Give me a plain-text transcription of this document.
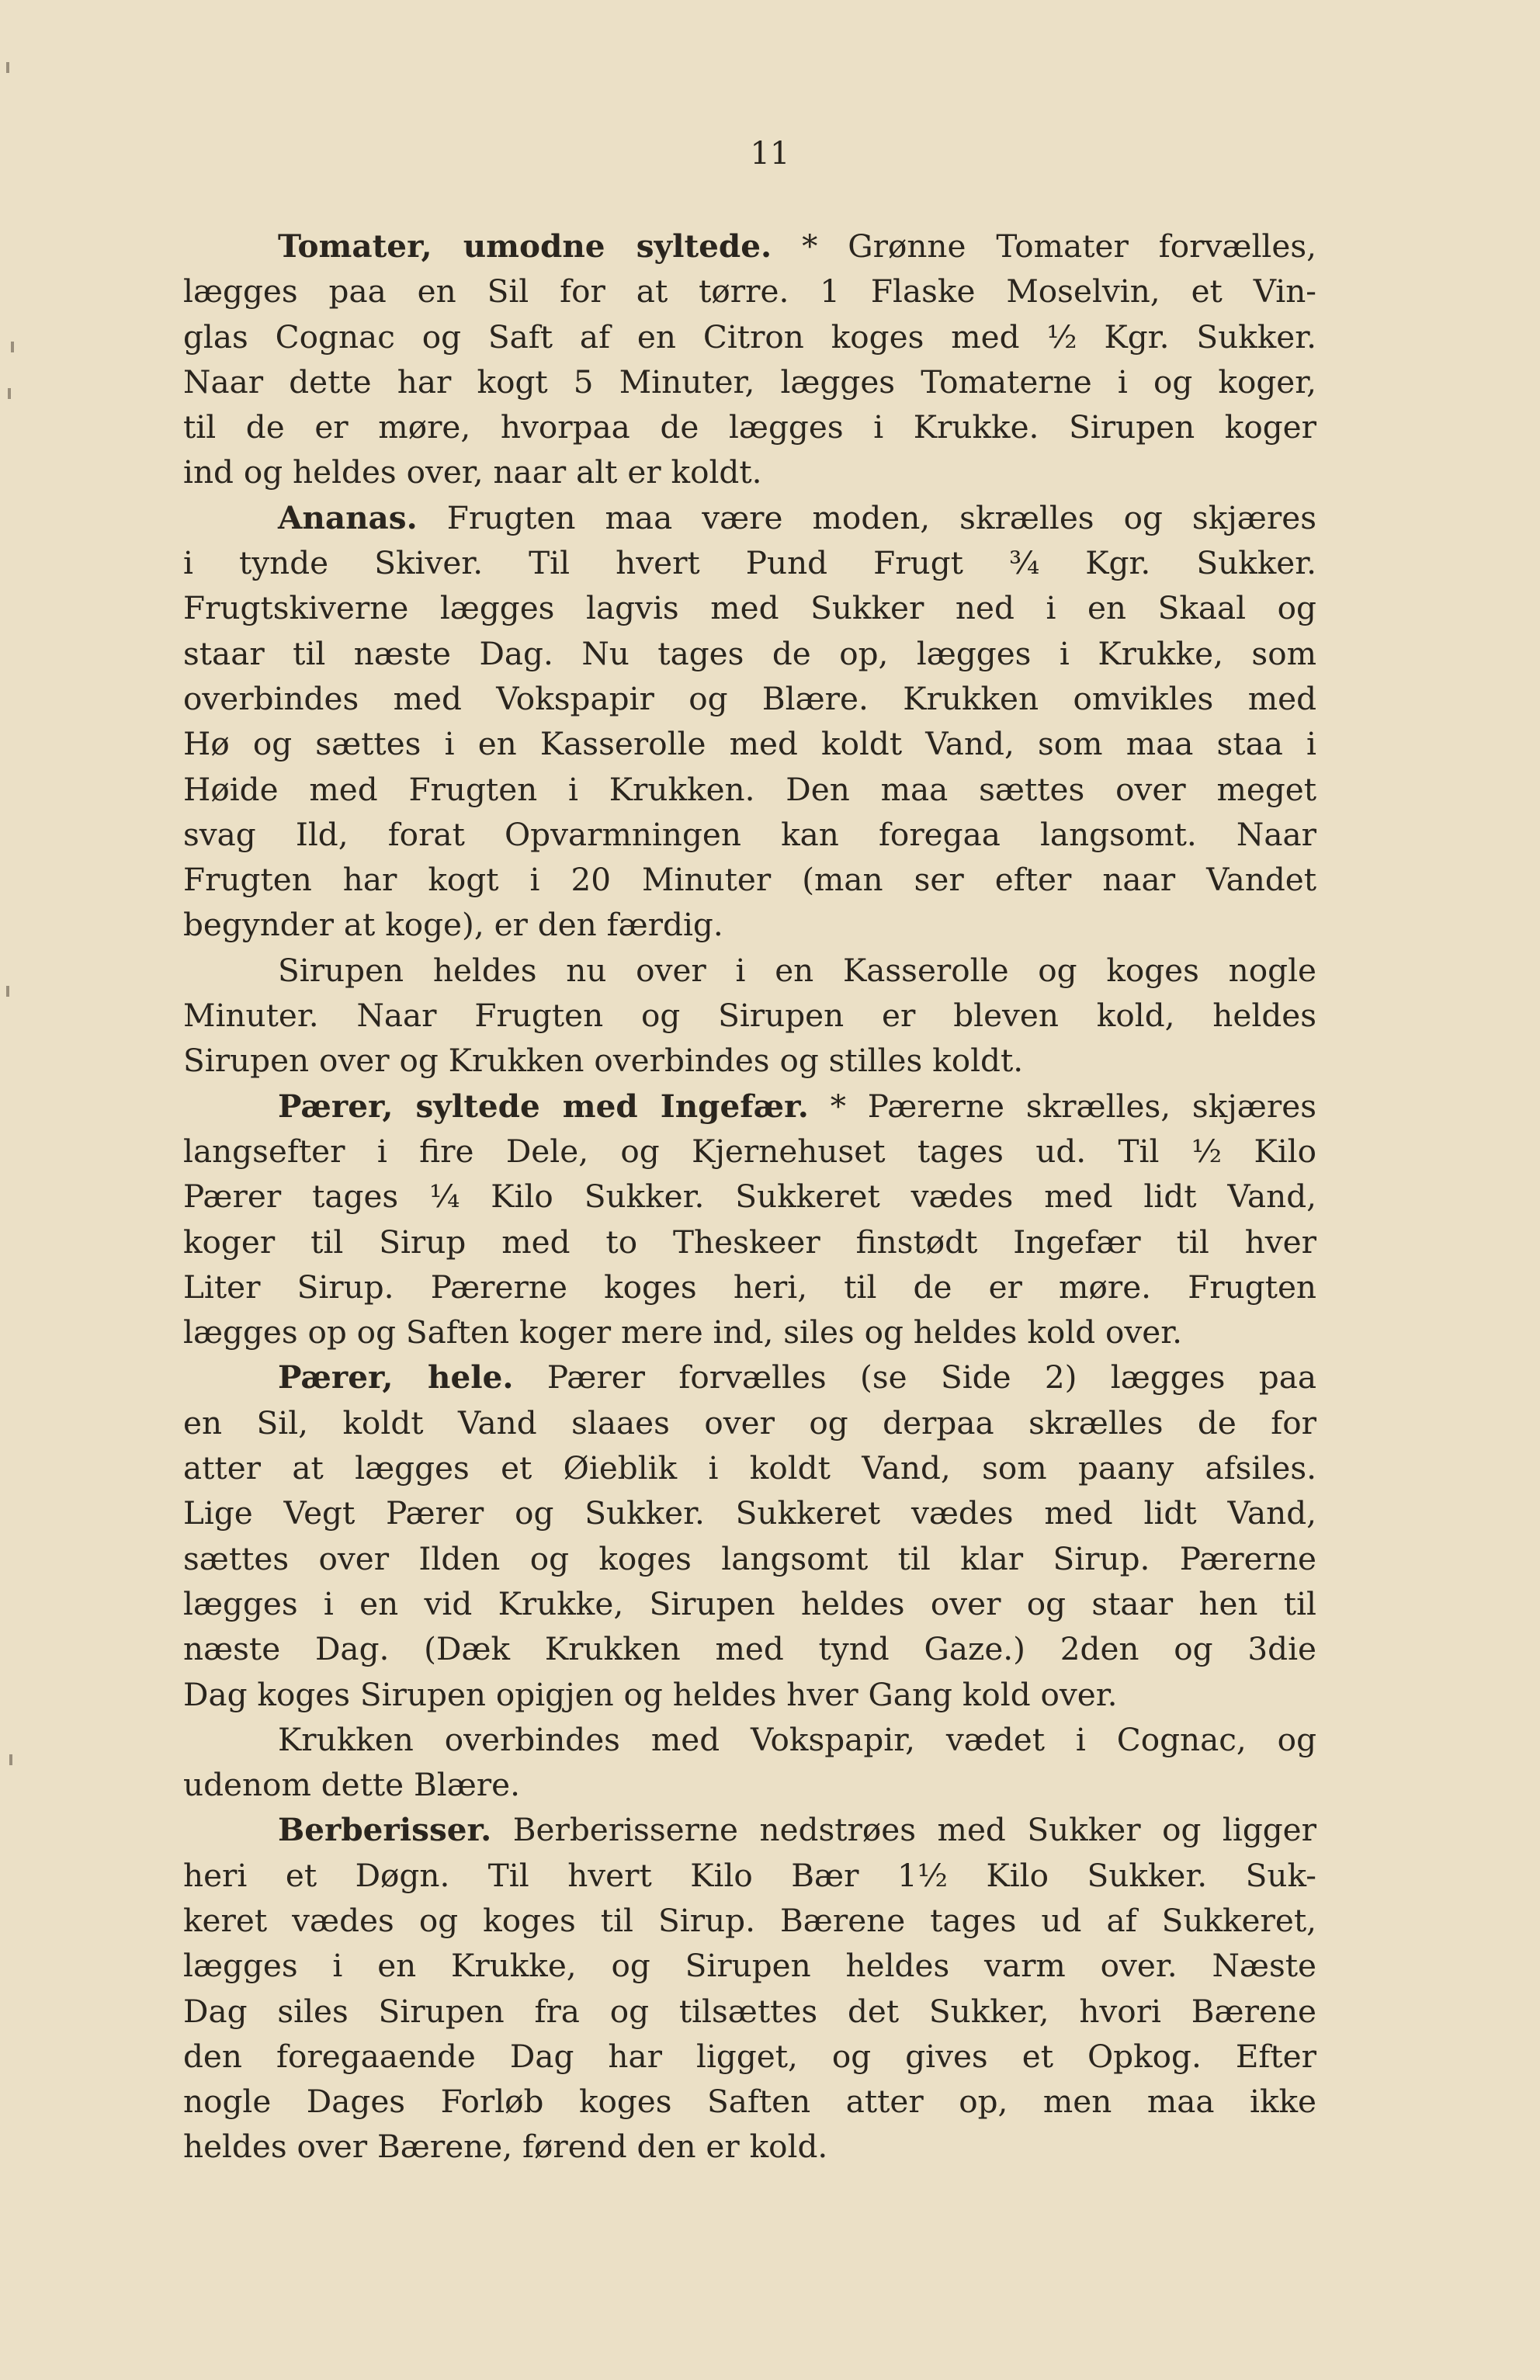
11
Tomater, umodne syltede. * Grønne Tomater forvælles,
lægges paa en Sil for at tørre. 1 Flaske Moselvin, et Vin-
glas Cognac og Saft af en Citron koges med ½ Kgr. Sukker.
Naar dette har kogt 5 Minuter, lægges Tomaterne i og koger,
til de er møre, hvorpaa de lægges i Krukke. Sirupen koger
ind og heldes over, naar alt er koldt.
Ananas. Frugten maa være moden, skrælles og skjæres
i tynde Skiver. Til hvert Pund Frugt ¾ Kgr. Sukker.
Frugtskiverne lægges lagvis med Sukker ned i en Skaal og
staar til næste Dag. Nu tages de op, lægges i Krukke, som
overbindes med Vokspapir og Blære. Krukken omvikles med
Hø og sættes i en Kasserolle med koldt Vand, som maa staa i
Høide med Frugten i Krukken. Den maa sættes over meget
svag Ild, forat Opvarmningen kan foregaa langsomt. Naar
Frugten har kogt i 20 Minuter (man ser efter naar Vandet
begynder at koge), er den færdig.
Sirupen heldes nu over i en Kasserolle og koges nogle
Minuter. Naar Frugten og Sirupen er bleven kold, heldes
Sirupen over og Krukken overbindes og stilles koldt.
Pærer, syltede med Ingefær. * Pærerne skrælles, skjæres
langsefter i fire Dele, og Kjernehuset tages ud. Til ½ Kilo
Pærer tages ¼ Kilo Sukker. Sukkeret vædes med lidt Vand,
koger til Sirup med to Theskeer finstødt Ingefær til hver
Liter Sirup. Pærerne koges heri, til de er møre. Frugten
lægges op og Saften koger mere ind, siles og heldes kold over.
Pærer, hele. Pærer forvælles (se Side 2) lægges paa
en Sil, koldt Vand slaaes over og derpaa skrælles de for
atter at lægges et Øieblik i koldt Vand, som paany afsiles.
Lige Vegt Pærer og Sukker. Sukkeret vædes med lidt Vand,
sættes over Ilden og koges langsomt til klar Sirup. Pærerne
lægges i en vid Krukke, Sirupen heldes over og staar hen til
næste Dag. (Dæk Krukken med tynd Gaze.) 2den og 3die
Dag koges Sirupen opigjen og heldes hver Gang kold over.
Krukken overbindes med Vokspapir, vædet i Cognac, og
udenom dette Blære.
Berberisser. Berberisserne nedstrøes med Sukker og ligger
heri et Døgn. Til hvert Kilo Bær 1½ Kilo Sukker. Suk-
keret vædes og koges til Sirup. Bærene tages ud af Sukkeret,
lægges i en Krukke, og Sirupen heldes varm over. Næste
Dag siles Sirupen fra og tilsættes det Sukker, hvori Bærene
den foregaaende Dag har ligget, og gives et Opkog. Efter
nogle Dages Forløb koges Saften atter op, men maa ikke
heldes over Bærene, førend den er kold.
